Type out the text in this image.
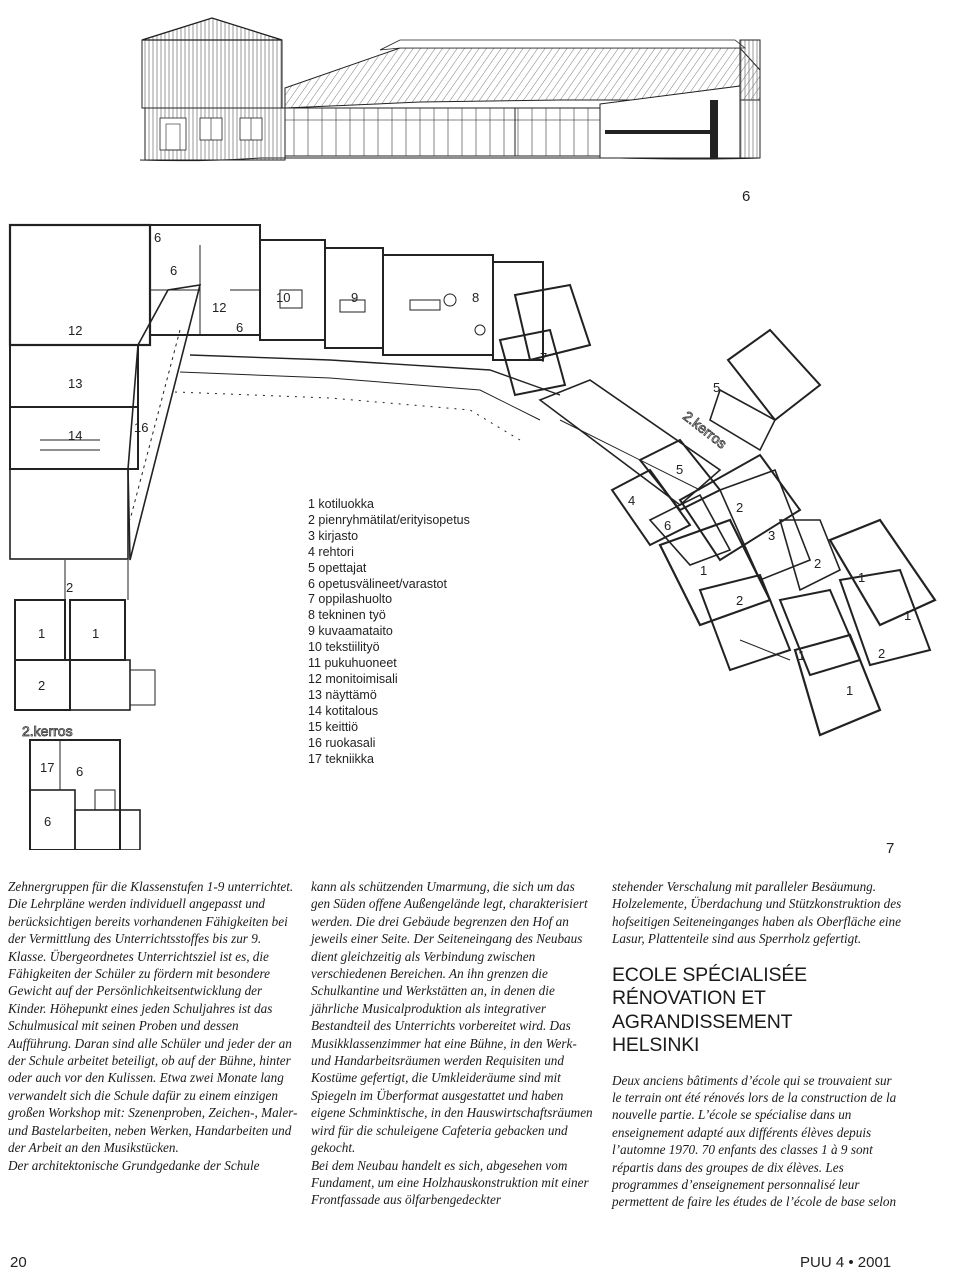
6
12
13
14
16
6
6
6
12
10	9	8
7
5
2.kerros
5
4
6
2
3
1
2
2
1
1
1	2
1
2
1	1
2
2.kerros
17 6
6
1 kotiluokka
2 pienryhmätilat/erityisopetus
3 kirjasto
4 rehtori
5 opettajat
6 opetusvälineet/varastot
7 oppilashuolto
8 tekninen työ
9 kuvaamataito
10 tekstiilityö
11 pukuhuoneet
12 monitoimisali
13 näyttämö
14 kotitalous
15 keittiö
16 ruokasali
17 tekniikka
7

Zehnergruppen für die Klassenstufen 1-9 unterrichtet. Die Lehrpläne werden individuell angepasst und berücksichtigen bereits vorhandenen Fähigkeiten bei der Vermittlung des Unterrichtsstoffes bis zur 9. Klasse. Übergeordnetes Unterrichtsziel ist es, die Fähigkeiten der Schüler zu fördern mit besondere Gewicht auf der Persönlichkeitsentwicklung der Kinder. Höhepunkt eines jeden Schuljahres ist das Schulmusical mit seinen Proben und dessen Aufführung. Daran sind alle Schüler und jeder der an der Schule arbeitet beteiligt, ob auf der Bühne, hinter oder auch vor den Kulissen. Etwa zwei Monate lang verwandelt sich die Schule dafür zu einem einzigen großen Workshop mit: Szenenproben, Zeichen-, Maler- und Bastelarbeiten, neben Werken, Handarbeiten und der Arbeit an den Musikstücken.

Der architektonische Grundgedanke der Schule

kann als schützenden Umarmung, die sich um das gen Süden offene Außengelände legt, charakterisiert werden. Die drei Gebäude begrenzen den Hof an jeweils einer Seite. Der Seiteneingang des Neubaus dient gleichzeitig als Verbindung zwischen verschiedenen Bereichen. An ihn grenzen die Schulkantine und Werkstätten an, in denen die jährliche Musicalproduktion als integrativer Bestandteil des Unterrichts vorbereitet wird. Das Musikklassenzimmer hat eine Bühne, in den Werk- und Handarbeitsräumen werden Requisiten und Kostüme gefertigt, die Umkleideräume sind mit Spiegeln im Überformat ausgestattet und haben eigene Schminktische, in den Hauswirtschaftsräumen wird für die schuleigene Cafeteria gebacken und gekocht.

Bei dem Neubau handelt es sich, abgesehen vom Fundament, um eine Holzhauskonstruktion mit einer Frontfassade aus ölfarbengedeckter

stehender Verschalung mit paralleler Besäumung. Holzelemente, Überdachung und Stützkonstruktion des hofseitigen Seiteneinganges haben als Oberfläche eine Lasur, Plattenteile sind aus Sperrholz gefertigt.

ECOLE SPÉCIALISÉE
RÉNOVATION ET
AGRANDISSEMENT
HELSINKI

Deux anciens bâtiments d’école qui se trouvaient sur le terrain ont été rénovés lors de la construction de la nouvelle partie. L’école se spécialise dans un enseignement adapté aux différents élèves depuis l’automne 1970. 70 enfants des classes 1 à 9 sont répartis dans des groupes de dix élèves. Les programmes d’enseignement personnalisé leur permettent de faire les études de l’école de base selon

20	PUU 4 • 2001
